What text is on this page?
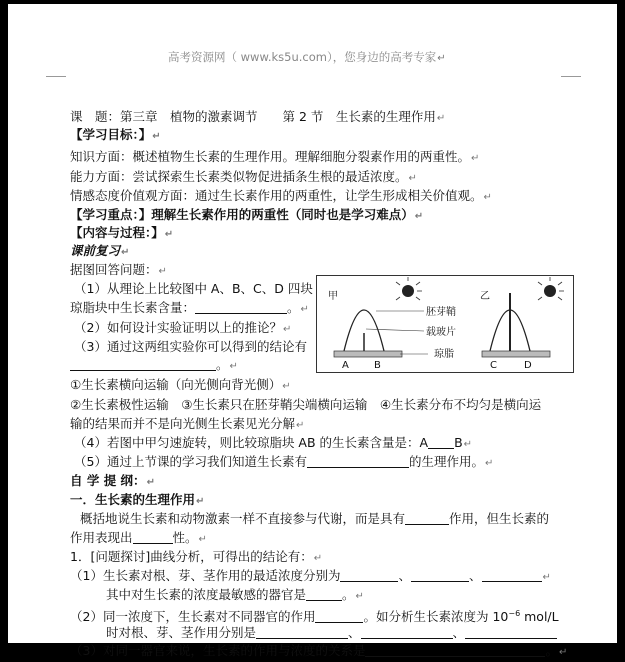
高考资源网（ www.ks5u.com），您身边的高考专家↵
课　题：第三章　植物的激素调节　　第 2 节　生长素的生理作用↵
【学习目标：】↵
知识方面：概述植物生长素的生理作用。理解细胞分裂素作用的两重性。↵
能力方面：尝试探索生长素类似物促进插条生根的最适浓度。↵
情感态度价值观方面：通过生长素作用的两重性，让学生形成相关价值观。↵
【学习重点：】理解生长素作用的两重性（同时也是学习难点）↵
【内容与过程：】↵
课前复习↵
据图回答问题：↵
（1）从理论上比较图中 A、B、C、D 四块
琼脂块中生长素含量：	。↵
（2）如何设计实验证明以上的推论？↵
（3）通过这两组实验你可以得到的结论有
。↵
甲
A	B
胚芽鞘
载玻片
琼脂
乙
C	D
①生长素横向运输（向光侧向背光侧）↵
②生长素极性运输　③生长素只在胚芽鞘尖端横向运输　④生长素分布不均匀是横向运
输的结果而并不是向光侧生长素见光分解↵
（4）若图中甲匀速旋转，则比较琼脂块 AB 的生长素含量是：A B↵
（5）通过上节课的学习我们知道生长素有	的生理作用。↵
自 学 提 纲：↵
一．生长素的生理作用↵
概括地说生长素和动物激素一样不直接参与代谢，而是具有	作用，但生长素的
作用表现出	性。↵
1．[问题探讨]曲线分析，可得出的结论有：↵
（1）生长素对根、芽、茎作用的最适浓度分别为	、	、	↵
其中对生长素的浓度最敏感的器官是	。↵
（2）同一浓度下，生长素对不同器官的作用	。如分析生长素浓度为 $10^{-6}$ mol/L
时对根、芽、茎作用分别是	、	、
（3）对同一器官来说，生长素的作用与浓度的关系是	。↵
